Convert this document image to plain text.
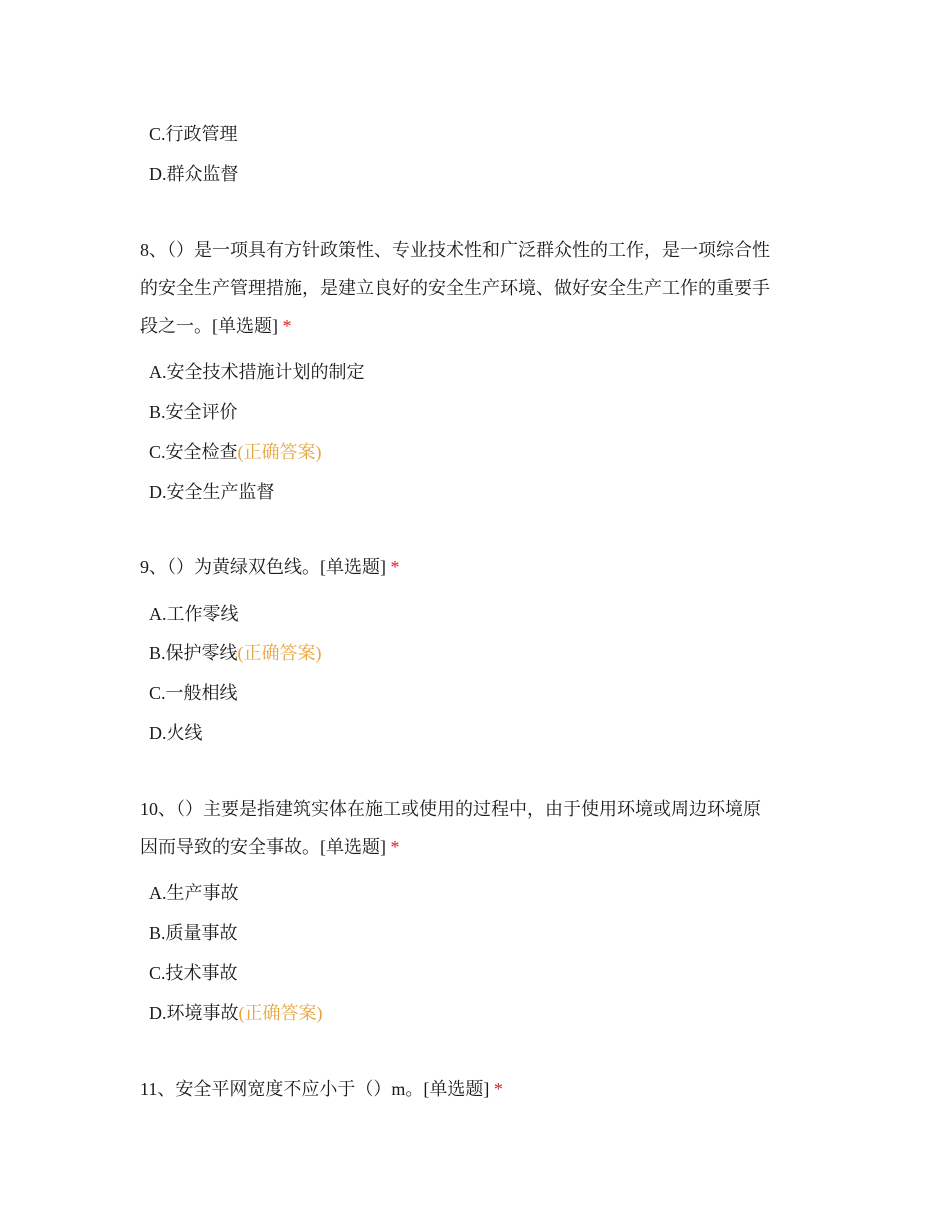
C.行政管理
D.群众监督

8、（）是一项具有方针政策性、专业技术性和广泛群众性的工作，是一项综合性

的安全生产管理措施，是建立良好的安全生产环境、做好安全生产工作的重要手

段之一。[单选题] *

A.安全技术措施计划的制定
B.安全评价
C.安全检查(正确答案)
D.安全生产监督

9、（）为黄绿双色线。[单选题] *

A.工作零线
B.保护零线(正确答案)
C.一般相线
D.火线

10、（）主要是指建筑实体在施工或使用的过程中，由于使用环境或周边环境原

因而导致的安全事故。[单选题] *

A.生产事故
B.质量事故
C.技术事故
D.环境事故(正确答案)

11、安全平网宽度不应小于（）m。[单选题] *
